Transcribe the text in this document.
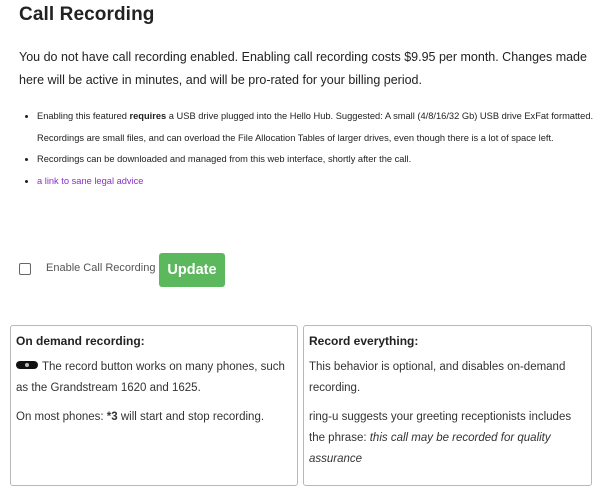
Call Recording

You do not have call recording enabled. Enabling call recording costs $9.95 per month. Changes made here will be active in minutes, and will be pro-rated for your billing period.

• Enabling this featured requires a USB drive plugged into the Hello Hub. Suggested: A small (4/8/16/32 Gb) USB drive ExFat formatted. Recordings are small files, and can overload the File Allocation Tables of larger drives, even though there is a lot of space left.
• Recordings can be downloaded and managed from this web interface, shortly after the call.
• a link to sane legal advice
Enable Call Recording Update
On demand recording:

The record button works on many phones, such as the Grandstream 1620 and 1625.

On most phones: *3 will start and stop recording.

Record everything:

This behavior is optional, and disables on-demand recording.

ring-u suggests your greeting receptionists includes the phrase: this call may be recorded for quality assurance
